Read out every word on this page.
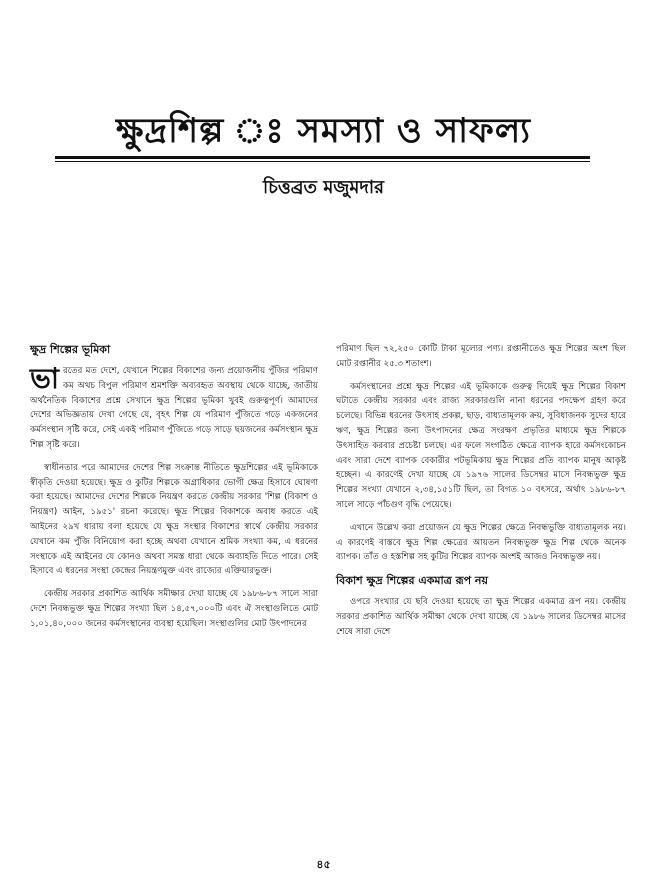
ক্ষুদ্রশিল্প ঃ সমস্যা ও সাফল্য
চিত্তব্রত মজুমদার
ক্ষুদ্র শিল্পের ভূমিকা

ভা রতের মত দেশে, যেখানে শিল্পের বিকাশের জন্য প্রয়োজনীয় পুঁজির পরিমাণ কম অথচ বিপুল পরিমাণ শ্রমশক্তি অব্যবহৃত অবস্থায় থেকে যাচ্ছে, জাতীয় অর্থনৈতিক বিকাশের প্রশ্নে সেখানে ক্ষুদ্র শিল্পের ভূমিকা খুবই গুরুত্বপূর্ণ। আমাদের দেশের অভিজ্ঞতায় দেখা গেছে যে, বৃহৎ শিল্প যে পরিমাণ পুঁজিতে গড়ে একজনের কর্মসংস্থান সৃষ্টি করে, সেই একই পরিমাণ পুঁজিতে গড়ে সাড়ে ছয়জনের কর্মসংস্থান ক্ষুদ্র শিল্প সৃষ্টি করে।

স্বাধীনতার পরে আমাদের দেশের শিল্প সংক্রান্ত নীতিতে ক্ষুদ্রশিল্পের এই ভূমিকাকে স্বীকৃতি দেওয়া হয়েছে। ক্ষুদ্র ও কুটির শিল্পকে অগ্রাধিকার ভোগী ক্ষেত্র হিসাবে ঘোষণা করা হয়েছে। আমাদের দেশের শিল্পকে নিয়ন্ত্রণ করতে কেন্দ্রীয় সরকার 'শিল্প (বিকাশ ও নিয়ন্ত্রণ) আইন, ১৯৫১' রচনা করেছে। ক্ষুদ্র শিল্পের বিকাশকে অবাধ করতে এই আইনের ২৯খ ধারায় বলা হয়েছে যে ক্ষুদ্র সংস্থার বিকাশের স্বার্থে কেন্দ্রীয় সরকার যেখানে কম পুঁজি বিনিয়োগ করা হচ্ছে অথবা যেখানে শ্রমিক সংখ্যা কম, এ ধরনের সংস্থাকে এই আইনের যে কোনও অথবা সমস্ত ধারা থেকে অব্যাহতি দিতে পারে। সেই হিসাবে এ ধরনের সংস্থা কেন্দ্রের নিয়ন্ত্রণমুক্ত এবং রাজ্যের এক্তিয়ারভুক্ত।

কেন্দ্রীয় সরকার প্রকাশিত আর্থিক সমীক্ষার দেখা যাচ্ছে যে ১৯৮৬-৮৭ সালে সারা দেশে নিবন্ধভুক্ত ক্ষুদ্র শিল্পের সংখ্যা ছিল ১৪,৫৭,০০০টি এবং ঐ সংস্থাগুলিতে মোট ১,০১,৪০,০০০ জনের কর্মসংস্থানের ব্যবস্থা হয়েছিল। সংস্থাগুলির মোট উৎপাদনের

পরিমাণ ছিল ৭২,২৫০ কোটি টাকা মূল্যের পণ্য। রপ্তানীতেও ক্ষুদ্র শিল্পের অংশ ছিল মোট রপ্তানীর ২৫.৩ শতাংশ।

কর্মসংস্থানের প্রশ্নে ক্ষুদ্র শিল্পের এই ভূমিকাকে গুরুত্ব দিয়েই ক্ষুদ্র শিল্পের বিকাশ ঘটাতে কেন্দ্রীয় সরকার এবং রাজ্য সরকারগুলি নানা ধরনের পদক্ষেপ গ্রহণ করে চলেছে। বিভিন্ন ধরনের উৎসাহ প্রকল্প, ছাড়, বাধ্যতামূলক ক্রয়, সুবিধাজনক সুদের হারে ঋণ, ক্ষুদ্র শিল্পের জন্য উৎপাদনের ক্ষেত্র সংরক্ষণ প্রভৃতির মাধ্যমে ক্ষুদ্র শিল্পকে উৎসাহিত করবার প্রচেষ্টা চলছে। এর ফলে সংগঠিত ক্ষেত্রে ব্যাপক হারে কর্মসংকোচন এবং সারা দেশে ব্যাপক বেকারীর পটভূমিকায় ক্ষুদ্র শিল্পের প্রতি ব্যাপক মানুষ আকৃষ্ট হচ্ছেন। এ কারণেই দেখা যাচ্ছে যে ১৯৭৬ সালের ডিসেম্বর মাসে নিবন্ধভুক্ত ক্ষুদ্র শিল্পের সংখ্যা যেখানে ২,৩৪,১৫১টি ছিল, তা বিগত ১০ বৎসরে, অর্থাৎ ১৯৮৬-৮৭ সালে সাড়ে পাঁচগুণ বৃদ্ধি পেয়েছে।

এখানে উল্লেখ করা প্রয়োজন যে ক্ষুদ্র শিল্পের ক্ষেত্রে নিবন্ধভুক্তি বাধ্যতামূলক নয়। এ কারণেই বাস্তবে ক্ষুদ্র শিল্প ক্ষেত্রের আয়তন নিবন্ধভুক্ত ক্ষুদ্র শিল্প থেকে অনেক ব্যাপক। তাঁত ও হস্তশিল্প সহ কুটির শিল্পের ব্যাপক অংশই আজও নিবন্ধভুক্ত নয়।

বিকাশ ক্ষুদ্র শিল্পের একমাত্র রূপ নয়

ওপরে সংখ্যার যে ছবি দেওয়া হয়েছে তা ক্ষুদ্র শিল্পের একমাত্র রূপ নয়। কেন্দ্রীয় সরকার প্রকাশিত আর্থিক সমীক্ষা থেকে দেখা যাচ্ছে যে ১৯৮৬ সালের ডিসেম্বর মাসের শেষে সারা দেশে

৪৫
